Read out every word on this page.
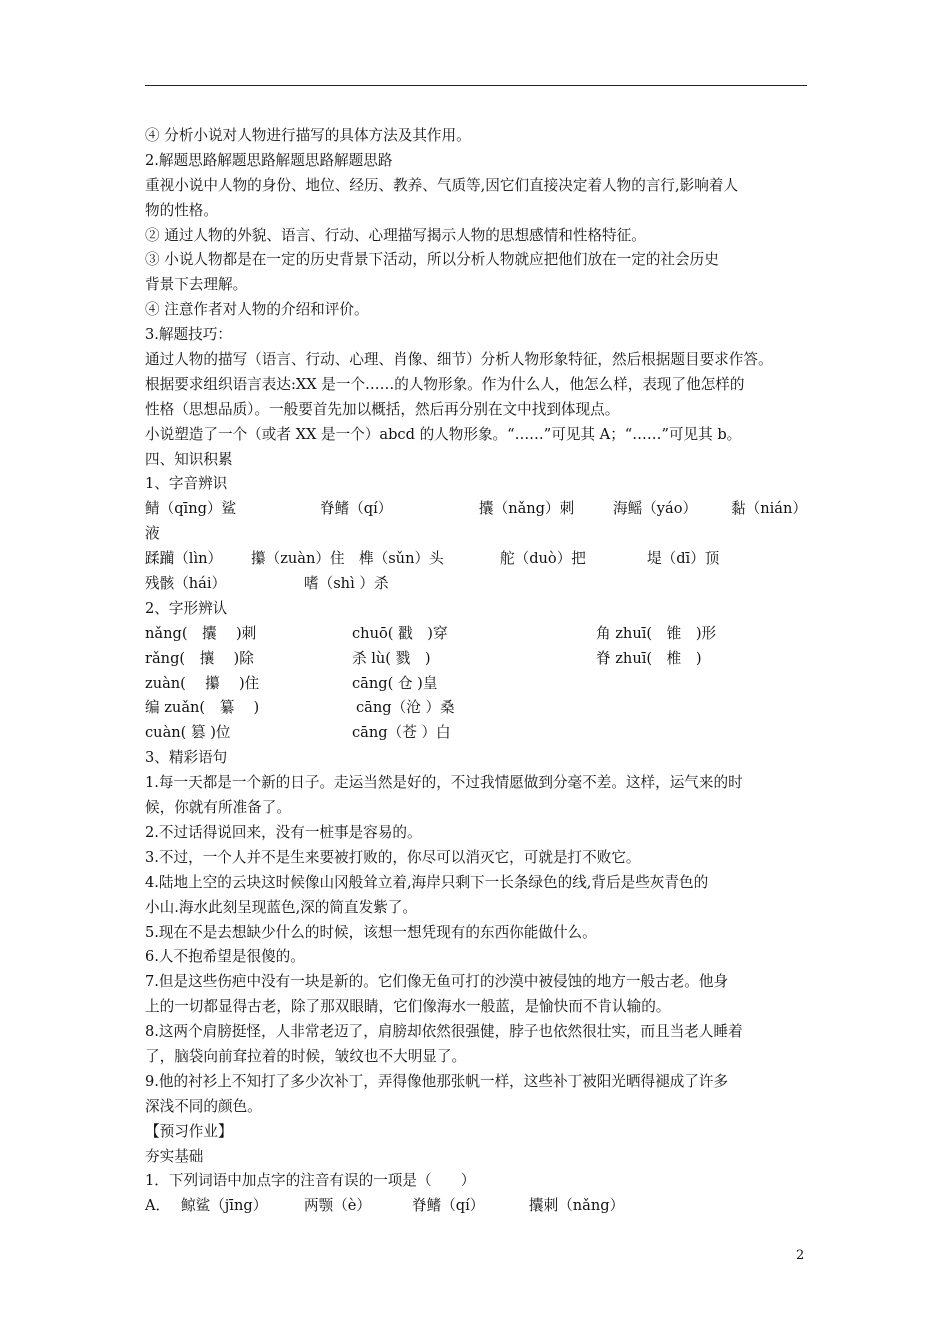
④ 分析小说对人物进行描写的具体方法及其作用。
2.解题思路解题思路解题思路解题思路
重视小说中人物的身份、地位、经历、教养、气质等,因它们直接决定着人物的言行,影响着人
物的性格。
② 通过人物的外貌、语言、行动、心理描写揭示人物的思想感情和性格特征。
③ 小说人物都是在一定的历史背景下活动，所以分析人物就应把他们放在一定的社会历史
背景下去理解。
④ 注意作者对人物的介绍和评价。
3.解题技巧：
通过人物的描写（语言、行动、心理、肖像、细节）分析人物形象特征，然后根据题目要求作答。
根据要求组织语言表达:XX 是一个……的人物形象。作为什么人，他怎么样，表现了他怎样的
性格（思想品质）。一般要首先加以概括，然后再分别在文中找到体现点。
小说塑造了一个（或者 XX 是一个）abcd 的人物形象。“……”可见其 A；“……”可见其 b。
四、知识积累
1、字音辨识
鲭（qīng）鲨	脊鳍（qí）	攮（nǎng）刺	海鳐（yáo） 黏（nián）
液
蹂躏（lìn） 攥（zuàn）住 榫（sǔn）头	舵（duò）把	堤（dī）顶
残骸（hái）	嗜（shì ）杀
2、字形辨认
nǎng(　攮　 )刺	chuō( 戳　)穿	角 zhuī(　锥　)形
rǎng(　攘　 )除	杀 lù( 戮　)	脊 zhuī(　椎　)
zuàn(　 攥　 )住	cāng( 仓 )皇
编 zuǎn(　纂　 )	cāng（沧 ）桑
cuàn( 篡 )位	cāng（苍 ）白
3、精彩语句
1.每一天都是一个新的日子。走运当然是好的，不过我情愿做到分毫不差。这样，运气来的时
候，你就有所准备了。
2.不过话得说回来，没有一桩事是容易的。
3.不过，一个人并不是生来要被打败的，你尽可以消灭它，可就是打不败它。
4.陆地上空的云块这时候像山冈般耸立着,海岸只剩下一长条绿色的线,背后是些灰青色的
小山.海水此刻呈现蓝色,深的简直发紫了。
5.现在不是去想缺少什么的时候，该想一想凭现有的东西你能做什么。
6.人不抱希望是很傻的。
7.但是这些伤疤中没有一块是新的。它们像无鱼可打的沙漠中被侵蚀的地方一般古老。他身
上的一切都显得古老，除了那双眼睛，它们像海水一般蓝，是愉快而不肯认输的。
8.这两个肩膀挺怪，人非常老迈了，肩膀却依然很强健，脖子也依然很壮实，而且当老人睡着
了，脑袋向前耷拉着的时候，皱纹也不大明显了。
9.他的衬衫上不知打了多少次补丁，弄得像他那张帆一样，这些补丁被阳光晒得褪成了许多
深浅不同的颜色。
【预习作业】
夯实基础
1．下列词语中加点字的注音有误的一项是（　　）
A． 鲸鲨（jīng）	两颚（è）	脊鳍（qí）	攮刺（nǎng）
2
